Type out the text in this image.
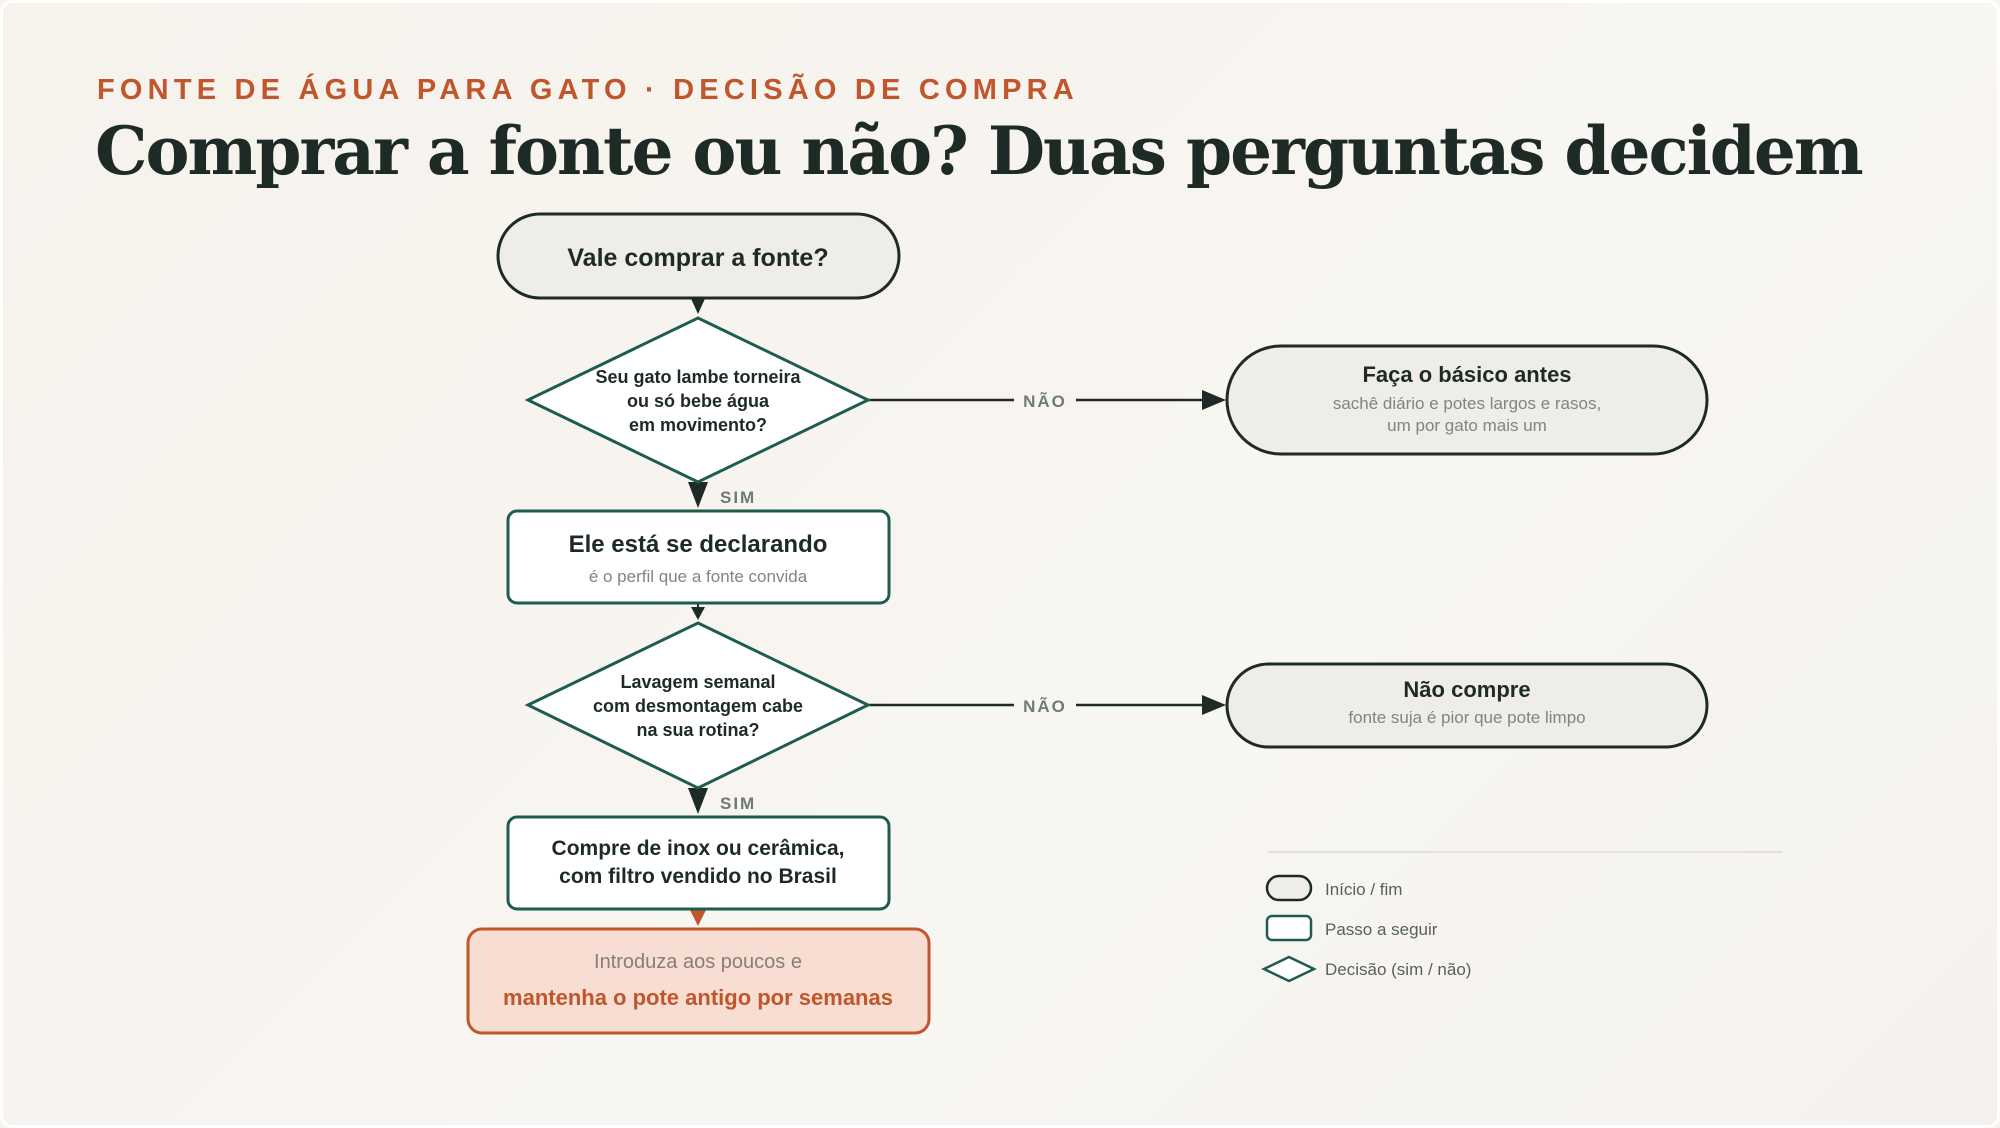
FONTE DE ÁGUA PARA GATO · DECISÃO DE COMPRA
Comprar a fonte ou não? Duas perguntas decidem
NÃO
SIM
NÃO
SIM
Vale comprar a fonte?
Seu gato lambe torneira
ou só bebe água
em movimento?
Faça o básico antes
sachê diário e potes largos e rasos,
um por gato mais um
Ele está se declarando
é o perfil que a fonte convida
Lavagem semanal
com desmontagem cabe
na sua rotina?
Não compre
fonte suja é pior que pote limpo
Compre de inox ou cerâmica,
com filtro vendido no Brasil
Introduza aos poucos e
mantenha o pote antigo por semanas
Início / fim
Passo a seguir
Decisão (sim / não)
